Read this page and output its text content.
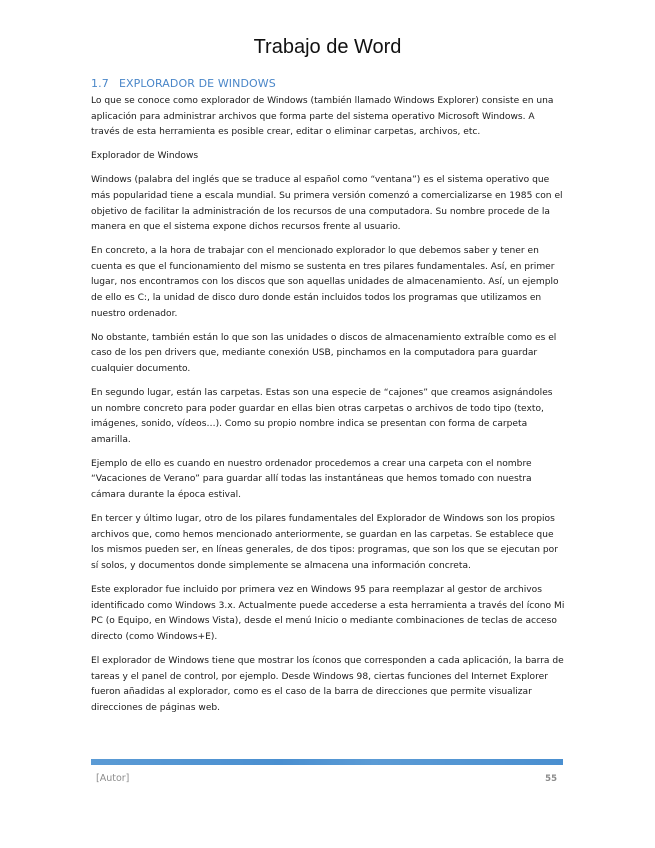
Trabajo de Word
1.7 EXPLORADOR DE WINDOWS

Lo que se conoce como explorador de Windows (también llamado Windows Explorer) consiste en una aplicación para administrar archivos que forma parte del sistema operativo Microsoft Windows. A través de esta herramienta es posible crear, editar o eliminar carpetas, archivos, etc.

Explorador de Windows

Windows (palabra del inglés que se traduce al español como “ventana”) es el sistema operativo que más popularidad tiene a escala mundial. Su primera versión comenzó a comercializarse en 1985 con el objetivo de facilitar la administración de los recursos de una computadora. Su nombre procede de la manera en que el sistema expone dichos recursos frente al usuario.

En concreto, a la hora de trabajar con el mencionado explorador lo que debemos saber y tener en cuenta es que el funcionamiento del mismo se sustenta en tres pilares fundamentales. Así, en primer lugar, nos encontramos con los discos que son aquellas unidades de almacenamiento. Así, un ejemplo de ello es C:, la unidad de disco duro donde están incluidos todos los programas que utilizamos en nuestro ordenador.

No obstante, también están lo que son las unidades o discos de almacenamiento extraíble como es el caso de los pen drivers que, mediante conexión USB, pinchamos en la computadora para guardar cualquier documento.

En segundo lugar, están las carpetas. Estas son una especie de “cajones” que creamos asignándoles un nombre concreto para poder guardar en ellas bien otras carpetas o archivos de todo tipo (texto, imágenes, sonido, vídeos…). Como su propio nombre indica se presentan con forma de carpeta amarilla.

Ejemplo de ello es cuando en nuestro ordenador procedemos a crear una carpeta con el nombre “Vacaciones de Verano” para guardar allí todas las instantáneas que hemos tomado con nuestra cámara durante la época estival.

En tercer y último lugar, otro de los pilares fundamentales del Explorador de Windows son los propios archivos que, como hemos mencionado anteriormente, se guardan en las carpetas. Se establece que los mismos pueden ser, en líneas generales, de dos tipos: programas, que son los que se ejecutan por sí solos, y documentos donde simplemente se almacena una información concreta.

Este explorador fue incluido por primera vez en Windows 95 para reemplazar al gestor de archivos identificado como Windows 3.x. Actualmente puede accederse a esta herramienta a través del ícono Mi PC (o Equipo, en Windows Vista), desde el menú Inicio o mediante combinaciones de teclas de acceso directo (como Windows+E).

El explorador de Windows tiene que mostrar los íconos que corresponden a cada aplicación, la barra de tareas y el panel de control, por ejemplo. Desde Windows 98, ciertas funciones del Internet Explorer fueron añadidas al explorador, como es el caso de la barra de direcciones que permite visualizar direcciones de páginas web.

[Autor]	55
